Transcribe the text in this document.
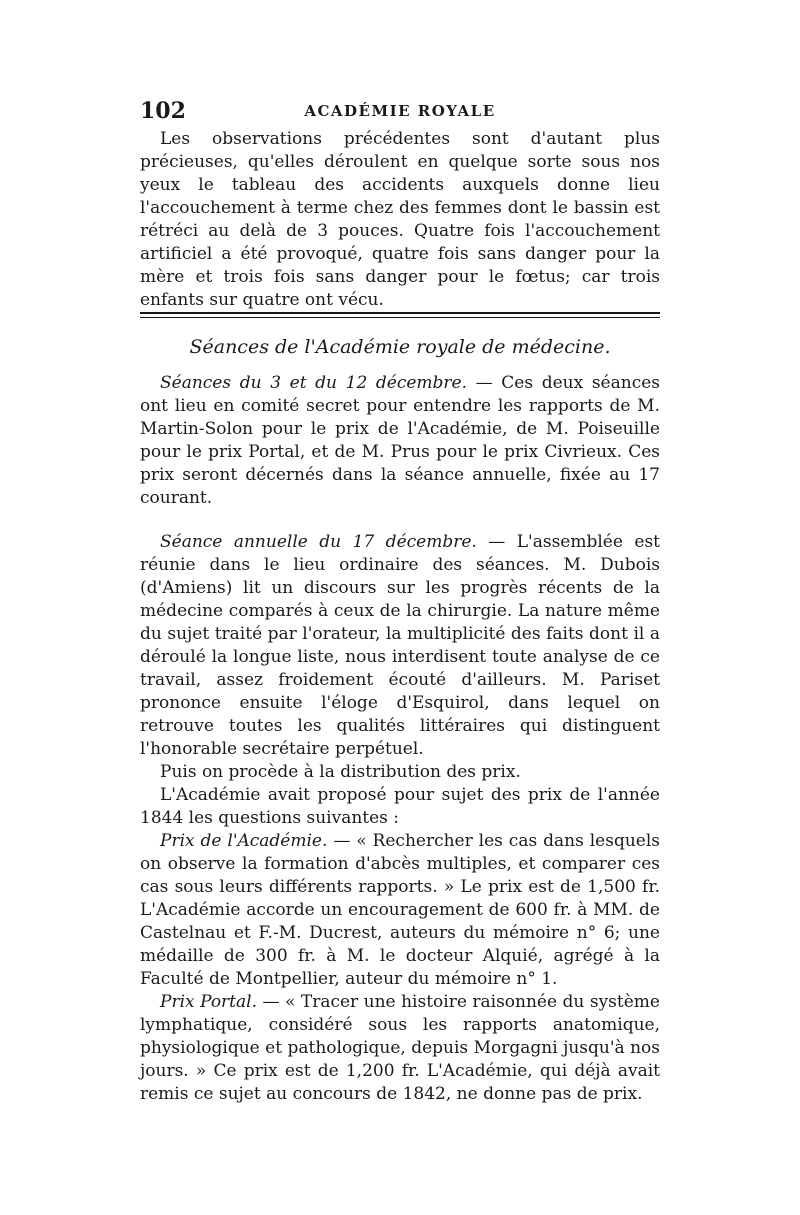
102	ACADÉMIE ROYALE

Les observations précédentes sont d'autant plus précieuses, qu'elles déroulent en quelque sorte sous nos yeux le tableau des accidents auxquels donne lieu l'accouchement à terme chez des femmes dont le bassin est rétréci au delà de 3 pouces. Quatre fois l'accouchement artificiel a été provoqué, quatre fois sans danger pour la mère et trois fois sans danger pour le fœtus; car trois enfants sur quatre ont vécu.

Séances de l'Académie royale de médecine.

Séances du 3 et du 12 décembre. — Ces deux séances ont lieu en comité secret pour entendre les rapports de M. Martin-Solon pour le prix de l'Académie, de M. Poiseuille pour le prix Portal, et de M. Prus pour le prix Civrieux. Ces prix seront décernés dans la séance annuelle, fixée au 17 courant.

Séance annuelle du 17 décembre. — L'assemblée est réunie dans le lieu ordinaire des séances. M. Dubois (d'Amiens) lit un discours sur les progrès récents de la médecine comparés à ceux de la chirurgie. La nature même du sujet traité par l'orateur, la multiplicité des faits dont il a déroulé la longue liste, nous interdisent toute analyse de ce travail, assez froidement écouté d'ailleurs. M. Pariset prononce ensuite l'éloge d'Esquirol, dans lequel on retrouve toutes les qualités littéraires qui distinguent l'honorable secrétaire perpétuel.

Puis on procède à la distribution des prix.

L'Académie avait proposé pour sujet des prix de l'année 1844 les questions suivantes :

Prix de l'Académie. — « Rechercher les cas dans lesquels on observe la formation d'abcès multiples, et comparer ces cas sous leurs différents rapports. » Le prix est de 1,500 fr. L'Académie accorde un encouragement de 600 fr. à MM. de Castelnau et F.-M. Ducrest, auteurs du mémoire n° 6; une médaille de 300 fr. à M. le docteur Alquié, agrégé à la Faculté de Montpellier, auteur du mémoire n° 1.

Prix Portal. — « Tracer une histoire raisonnée du système lymphatique, considéré sous les rapports anatomique, physiologique et pathologique, depuis Morgagni jusqu'à nos jours. » Ce prix est de 1,200 fr. L'Académie, qui déjà avait remis ce sujet au concours de 1842, ne donne pas de prix.
